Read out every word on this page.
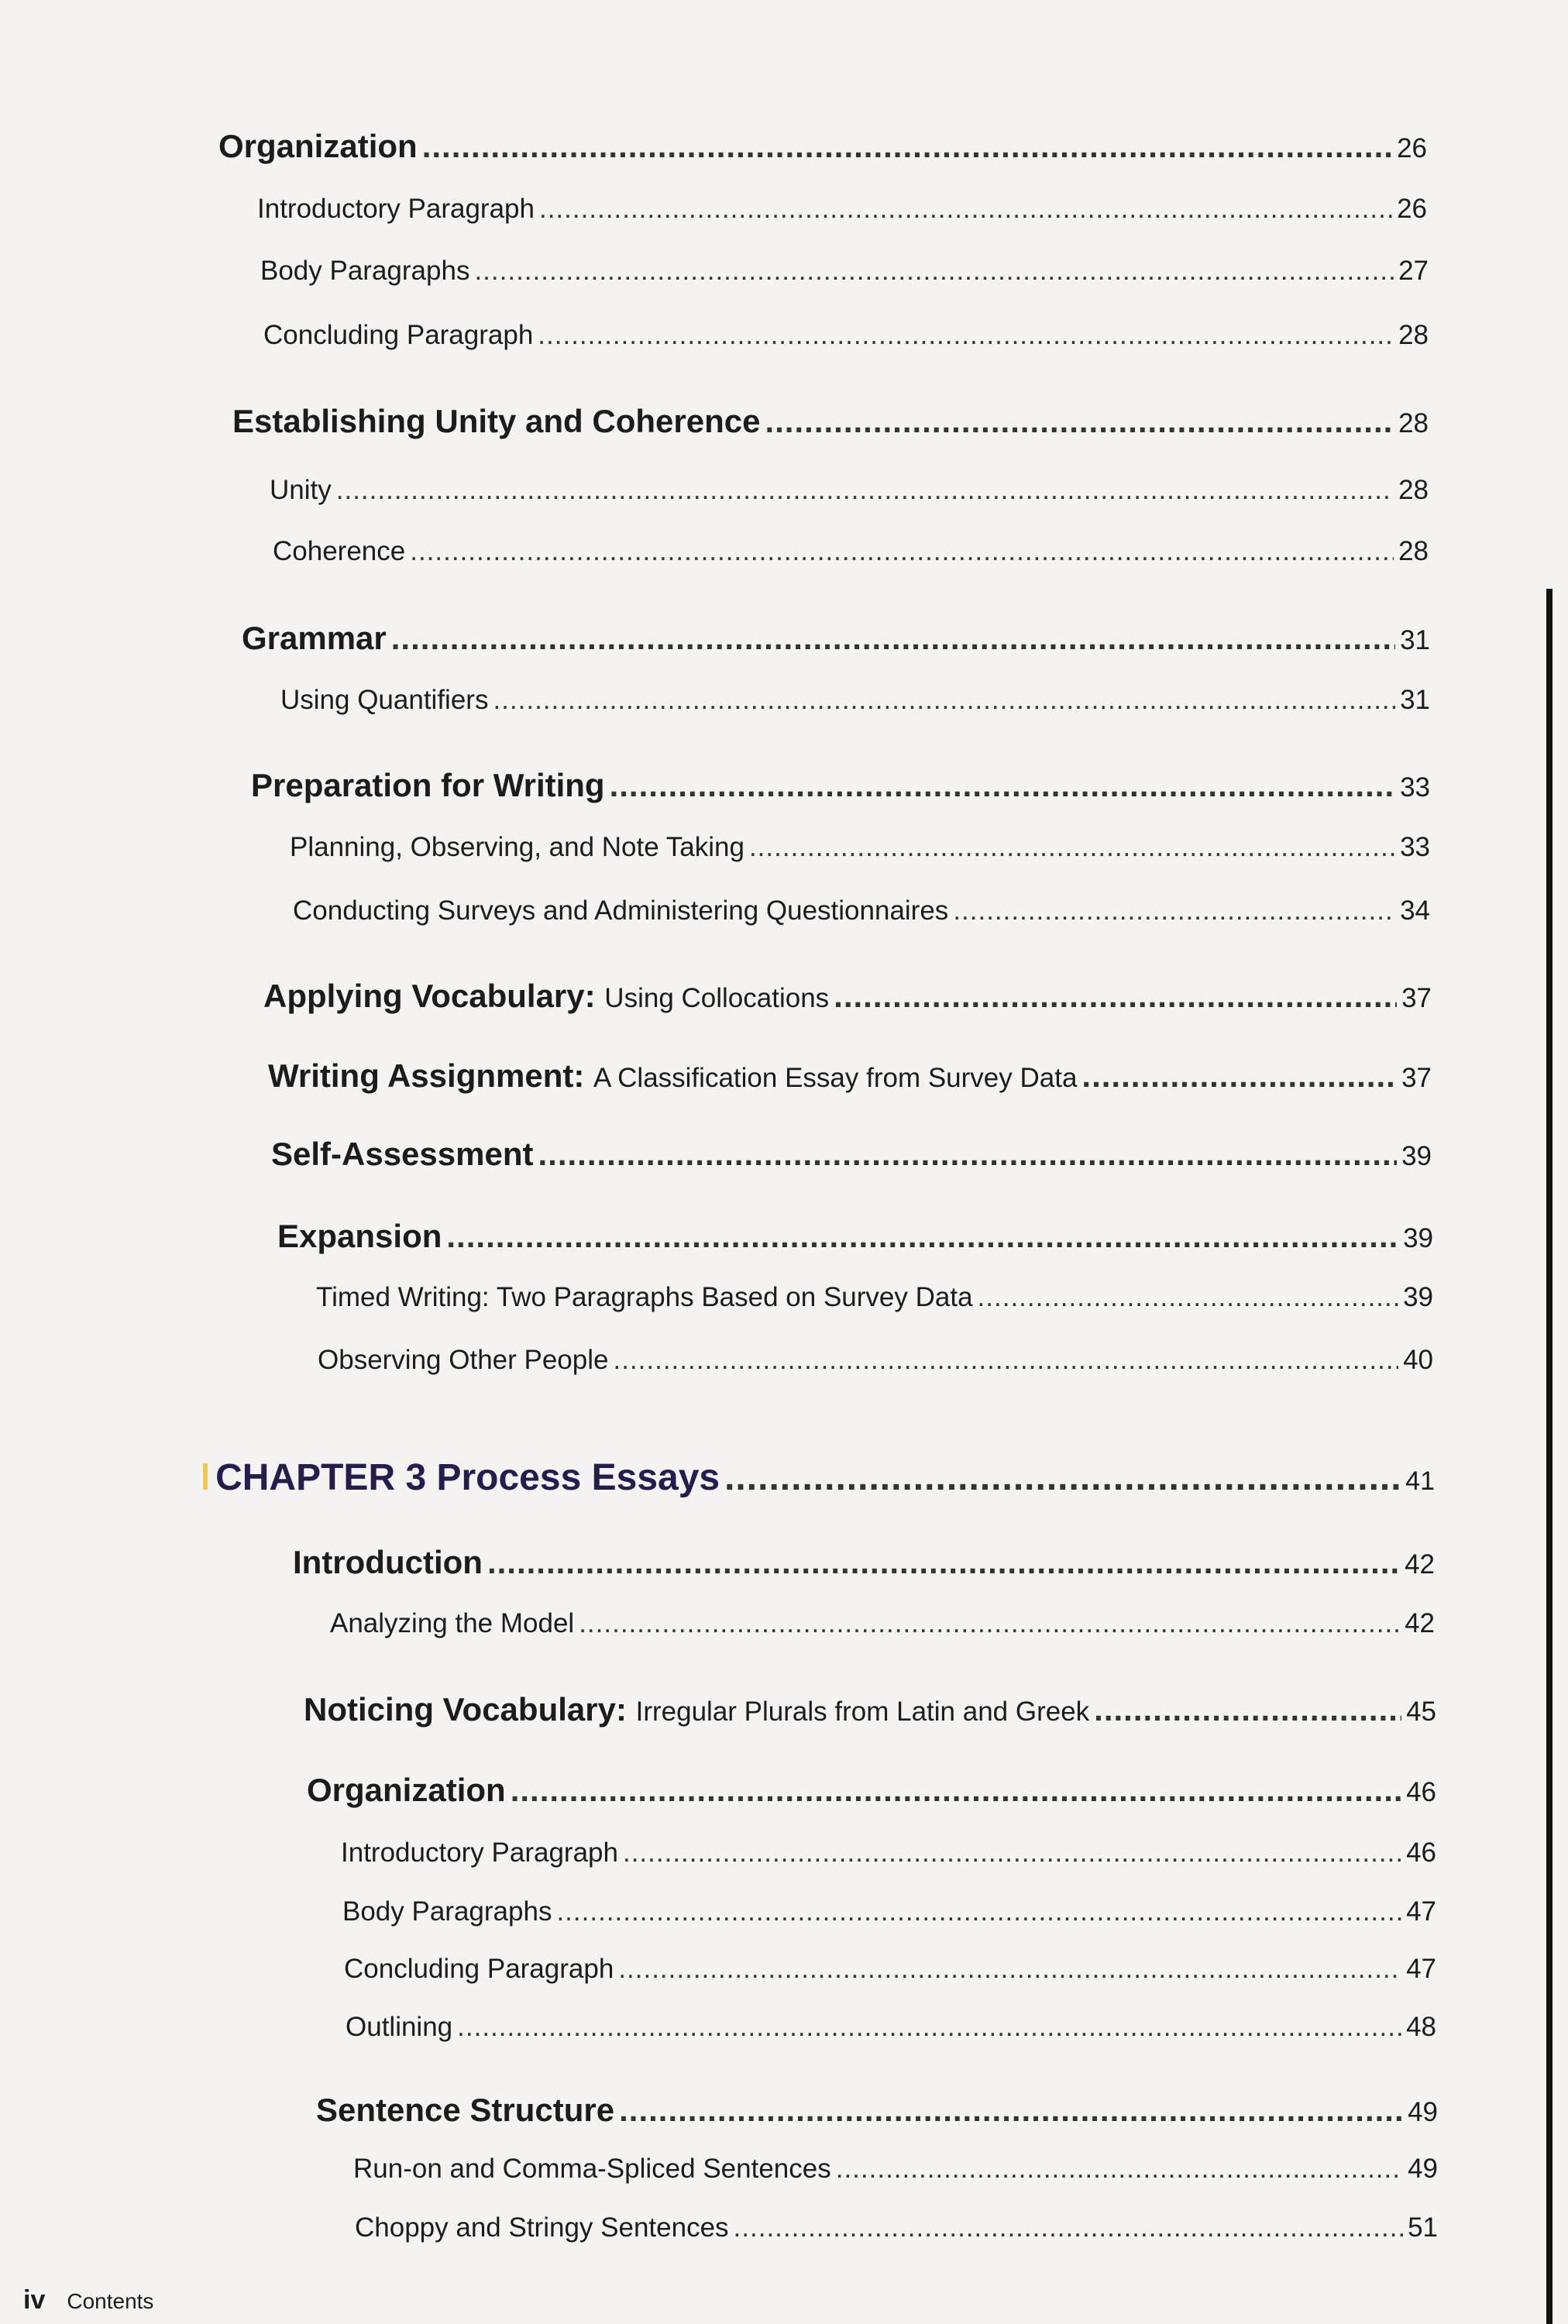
Organization .....	26
Introductory Paragraph .....	26
Body Paragraphs .....	27
Concluding Paragraph .....	28
Establishing Unity and Coherence .....	28
Unity .....	28
Coherence .....	28
Grammar .....	31
Using Quantifiers .....	31
Preparation for Writing .....	33
Planning, Observing, and Note Taking .....	33
Conducting Surveys and Administering Questionnaires .....	34
Applying Vocabulary:
Using Collocations .....	37
Writing Assignment:
A Classification Essay from Survey Data .....	37
Self-Assessment .....	39
Expansion .....	39
Timed Writing: Two Paragraphs Based on Survey Data .....	39
Observing Other People .....	40
CHAPTER 3 Process Essays .....	41
Introduction .....	42
Analyzing the Model .....	42
Noticing Vocabulary:
Irregular Plurals from Latin and Greek .....	45
Organization .....	46
Introductory Paragraph .....	46
Body Paragraphs .....	47
Concluding Paragraph .....	47
Outlining .....	48
Sentence Structure .....	49
Run-on and Comma-Spliced Sentences .....	49
Choppy and Stringy Sentences .....	51
iv Contents
